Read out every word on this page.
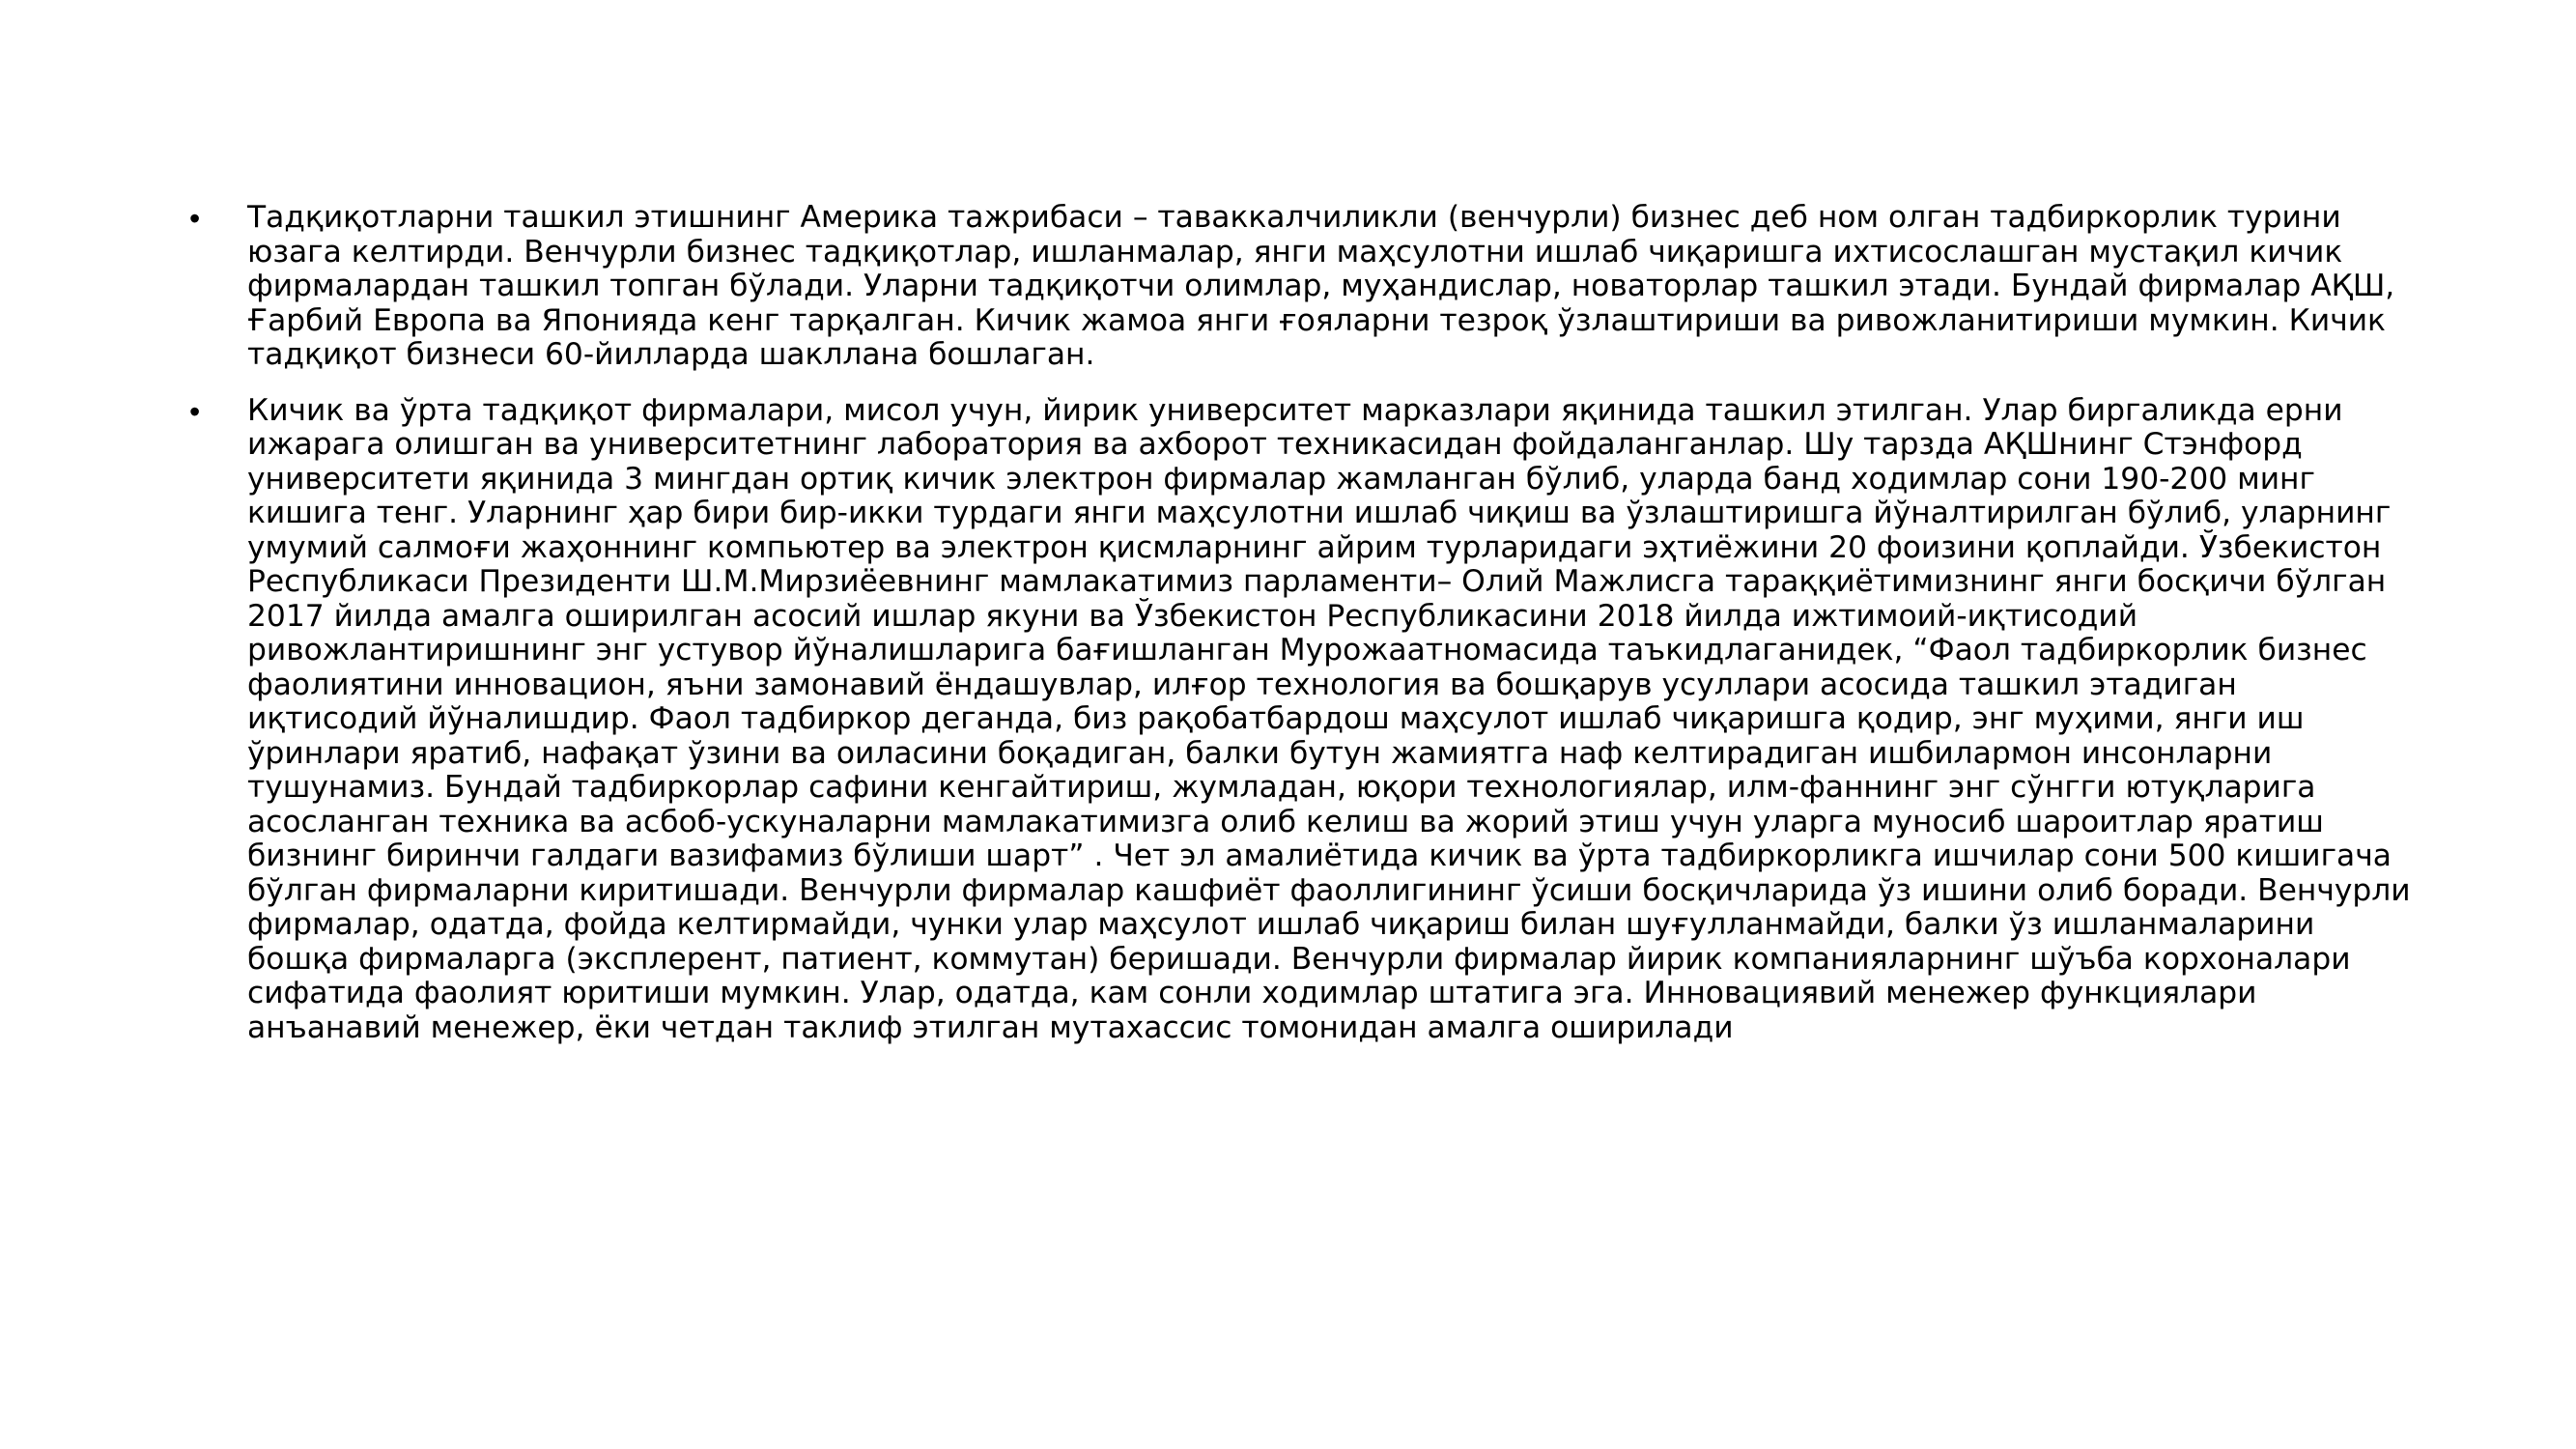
• Тадқиқотларни ташкил этишнинг Америка тажрибаси – таваккалчиликли (венчурли) бизнес деб ном олган тадбиркорлик турини юзага келтирди. Венчурли бизнес тадқиқотлар, ишланмалар, янги маҳсулотни ишлаб чиқаришга ихтисослашган мустақил кичик фирмалардан ташкил топган бўлади. Уларни тадқиқотчи олимлар, муҳандислар, новаторлар ташкил этади. Бундай фирмалар АҚШ, Ғарбий Европа ва Японияда кенг тарқалган. Кичик жамоа янги ғояларни тезроқ ўзлаштириши ва ривожланитириши мумкин. Кичик тадқиқот бизнеси 60-йилларда шакллана бошлаган.
• Кичик ва ўрта тадқиқот фирмалари, мисол учун, йирик университет марказлари яқинида ташкил этилган. Улар биргаликда ерни ижарага олишган ва университетнинг лаборатория ва ахборот техникасидан фойдаланганлар. Шу тарзда АҚШнинг Стэнфорд университети яқинида 3 мингдан ортиқ кичик электрон фирмалар жамланган бўлиб, уларда банд ходимлар сони 190-200 минг кишига тенг. Уларнинг ҳар бири бир-икки турдаги янги маҳсулотни ишлаб чиқиш ва ўзлаштиришга йўналтирилган бўлиб, уларнинг умумий салмоғи жаҳоннинг компьютер ва электрон қисмларнинг айрим турларидаги эҳтиёжини 20 фоизини қоплайди. Ўзбекистон Республикаси Президенти Ш.М.Мирзиёевнинг мамлакатимиз парламенти– Олий Мажлисга тараққиётимизнинг янги босқичи бўлган 2017 йилда амалга оширилган асосий ишлар якуни ва Ўзбекистон Республикасини 2018 йилда ижтимоий-иқтисодий ривожлантиришнинг энг устувор йўналишларига бағишланган Мурожаатномасида таъкидлаганидек, “Фаол тадбиркорлик бизнес фаолиятини инновацион, яъни замонавий ёндашувлар, илғор технология ва бошқарув усуллари асосида ташкил этадиган иқтисодий йўналишдир. Фаол тадбиркор деганда, биз рақобатбардош маҳсулот ишлаб чиқаришга қодир, энг муҳими, янги иш ўринлари яратиб, нафақат ўзини ва оиласини боқадиган, балки бутун жамиятга наф келтирадиган ишбилармон инсонларни тушунамиз. Бундай тадбиркорлар сафини кенгайтириш, жумладан, юқори технологиялар, илм-фаннинг энг сўнгги ютуқларига асосланган техника ва асбоб-ускуналарни мамлакатимизга олиб келиш ва жорий этиш учун уларга муносиб шароитлар яратиш бизнинг биринчи галдаги вазифамиз бўлиши шарт” . Чет эл амалиётида кичик ва ўрта тадбиркорликга ишчилар сони 500 кишигача бўлган фирмаларни киритишади. Венчурли фирмалар кашфиёт фаоллигининг ўсиши босқичларида ўз ишини олиб боради. Венчурли фирмалар, одатда, фойда келтирмайди, чунки улар маҳсулот ишлаб чиқариш билан шуғулланмайди, балки ўз ишланмаларини бошқа фирмаларга (эксплерент, патиент, коммутан) беришади. Венчурли фирмалар йирик компанияларнинг шўъба корхоналари сифатида фаолият юритиши мумкин. Улар, одатда, кам сонли ходимлар штатига эга. Инновациявий менежер функциялари анъанавий менежер, ёки четдан таклиф этилган мутахассис томонидан амалга оширилади
